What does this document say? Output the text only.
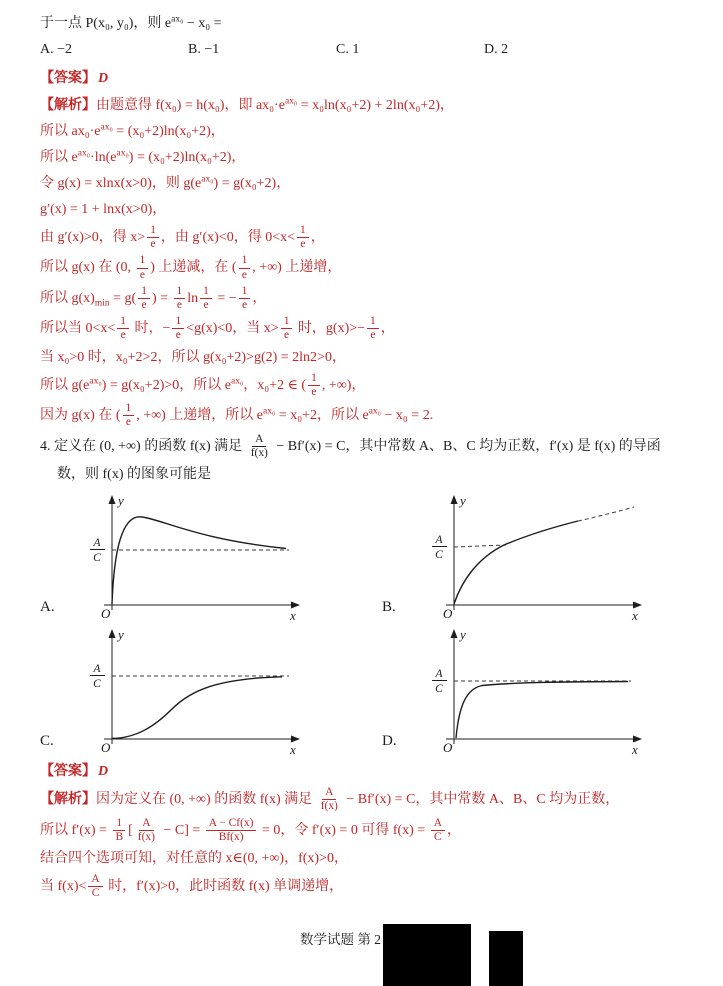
于一点 P(x₀, y₀)，则 $e^{ax_0} - x_0$ =

A. −2	B. −1	C. 1	D. 2

【答案】 D

【解析】由题意得 f(x₀) = h(x₀)，即 $ax_0\cdot e^{ax_0} = x_0\ln(x_0+2) + 2\ln(x_0+2)$，

所以 $ax_0\cdot e^{ax_0} = (x_0+2)\ln(x_0+2)$，

所以 $e^{ax_0}\cdot\ln(e^{ax_0}) = (x_0+2)\ln(x_0+2)$，

令 g(x) = xlnx(x>0)，则 $g(e^{ax_0}) = g(x_0+2)$，

g′(x) = 1 + lnx(x>0)，

由 g′(x)>0，得 $x> \frac{1}{e}$ ，由 g′(x)<0，得 $0<x< \frac{1}{e}$ ，

所以 g(x) 在 (0, $\frac{1}{e}$ ) 上递减，在 ( $\frac{1}{e}$ , +∞) 上递增，

所以 $g(x)_{min} = g( \frac{1}{e}$ ) = $\frac{1}{e}$ $\ln \frac{1}{e}$ = − $\frac{1}{e}$ ，

所以当 $0<x< \frac{1}{e}$ 时，− $\frac{1}{e} <g(x)<0$，当 $x> \frac{1}{e}$ 时，$g(x)>- \frac{1}{e}$ ，

当 x₀>0 时，x₀+2>2，所以 g(x₀+2)>g(2) = 2ln2>0，

所以 $g(e^{ax_0}) = g(x_0+2)>0$，所以 $e^{ax_0}$，x₀+2 ∈ ( $\frac{1}{e}$ , +∞)，

因为 g(x) 在 ( $\frac{1}{e}$ , +∞) 上递增，所以 $e^{ax_0} = x_0+2$，所以 $e^{ax_0} - x_0 = 2$.

4. 定义在 (0, +∞) 的函数 f(x) 满足 $\frac{A}{f(x)} - Bf'(x) = C$，其中常数 A、B、C 均为正数，f′(x) 是 f(x) 的导函

数，则 f(x) 的图象可能是

A.
y
x
O
A
C
B.
y
x
O
A
C
C.
y
x
O
A
C
D.
y
x
O
A
C

【答案】 D

【解析】因为定义在 (0, +∞) 的函数 f(x) 满足 $\frac{A}{f(x)} - Bf'(x) = C$，其中常数 A、B、C 均为正数，

所以 $f'(x) = \frac{1}{B}$ [ $\frac{A}{f(x)} - C] = \frac{A - Cf(x)}{Bf(x)} = 0$，令 f′(x) = 0 可得 $f(x) = \frac{A}{C}$ ，

结合四个选项可知，对任意的 x∈(0, +∞)，f(x)>0，

当 $f(x)< \frac{A}{C}$ 时，f′(x)>0，此时函数 f(x) 单调递增，

数学试题 第 2
